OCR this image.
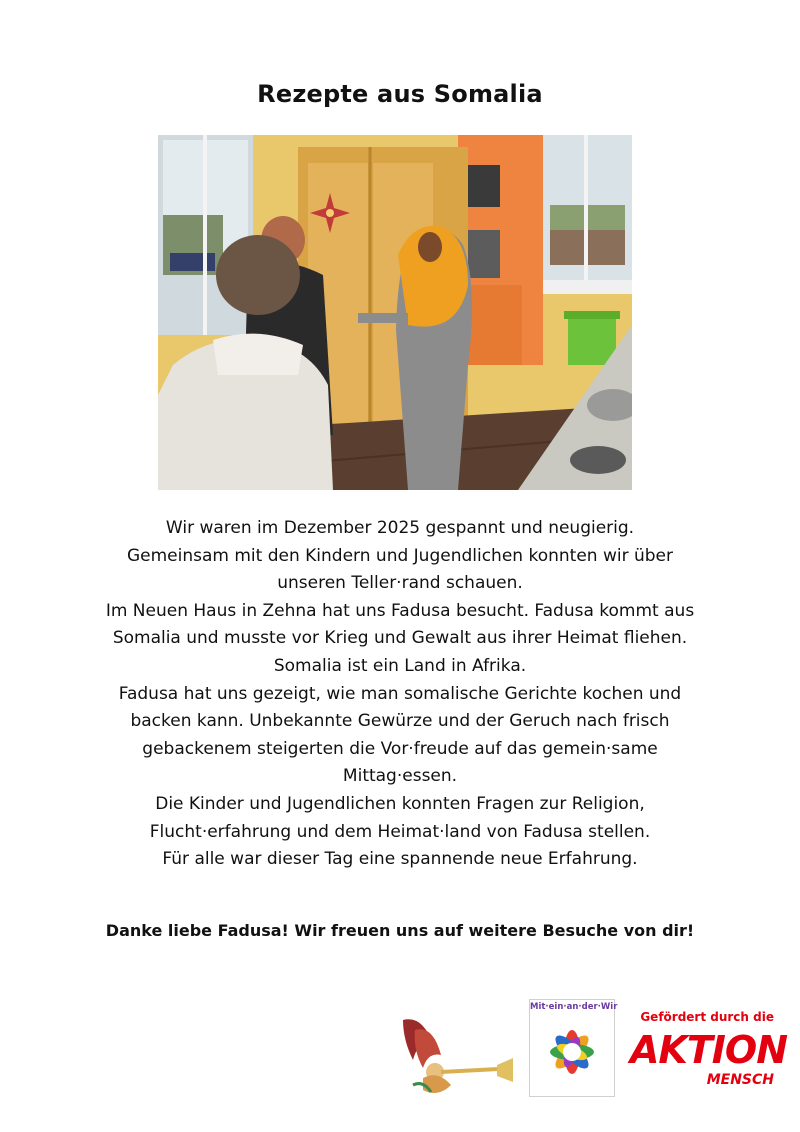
Rezepte aus Somalia
Wir waren im Dezember 2025 gespannt und neugierig.
Gemeinsam mit den Kindern und Jugendlichen konnten wir über
unseren Teller·rand schauen.
Im Neuen Haus in Zehna hat uns Fadusa besucht. Fadusa kommt aus
Somalia und musste vor Krieg und Gewalt aus ihrer Heimat fliehen.
Somalia ist ein Land in Afrika.
Fadusa hat uns gezeigt, wie man somalische Gerichte kochen und
backen kann. Unbekannte Gewürze und der Geruch nach frisch
gebackenem steigerten die Vor·freude auf das gemein·same
Mittag·essen.
Die Kinder und Jugendlichen konnten Fragen zur Religion,
Flucht·erfahrung und dem Heimat·land von Fadusa stellen.
Für alle war dieser Tag eine spannende neue Erfahrung.
Danke liebe Fadusa! Wir freuen uns auf weitere Besuche von dir!
Mit·ein·an·der·Wir
Gefördert durch die
AKTION
MENSCH
